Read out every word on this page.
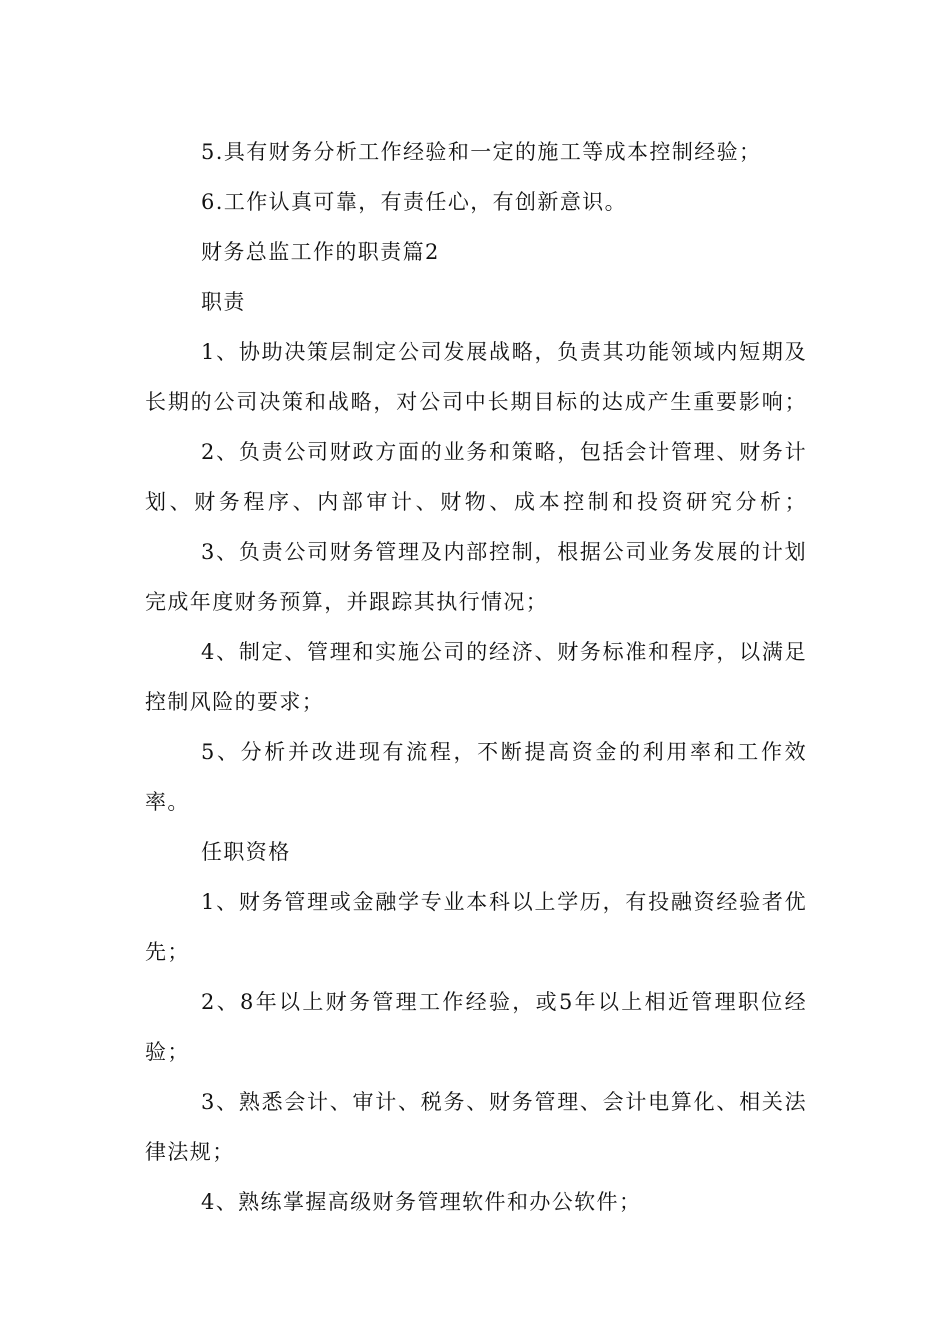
5.具有财务分析工作经验和一定的施工等成本控制经验；
6.工作认真可靠，有责任心，有创新意识。
财务总监工作的职责篇2
职责
1、协助决策层制定公司发展战略，负责其功能领域内短期及
长期的公司决策和战略，对公司中长期目标的达成产生重要影响；
2、负责公司财政方面的业务和策略，包括会计管理、财务计
划、财务程序、内部审计、财物、成本控制和投资研究分析；
3、负责公司财务管理及内部控制，根据公司业务发展的计划
完成年度财务预算，并跟踪其执行情况；
4、制定、管理和实施公司的经济、财务标准和程序，以满足
控制风险的要求；
5、分析并改进现有流程，不断提高资金的利用率和工作效
率。
任职资格
1、财务管理或金融学专业本科以上学历，有投融资经验者优
先；
2、8年以上财务管理工作经验，或5年以上相近管理职位经
验；
3、熟悉会计、审计、税务、财务管理、会计电算化、相关法
律法规；
4、熟练掌握高级财务管理软件和办公软件；
